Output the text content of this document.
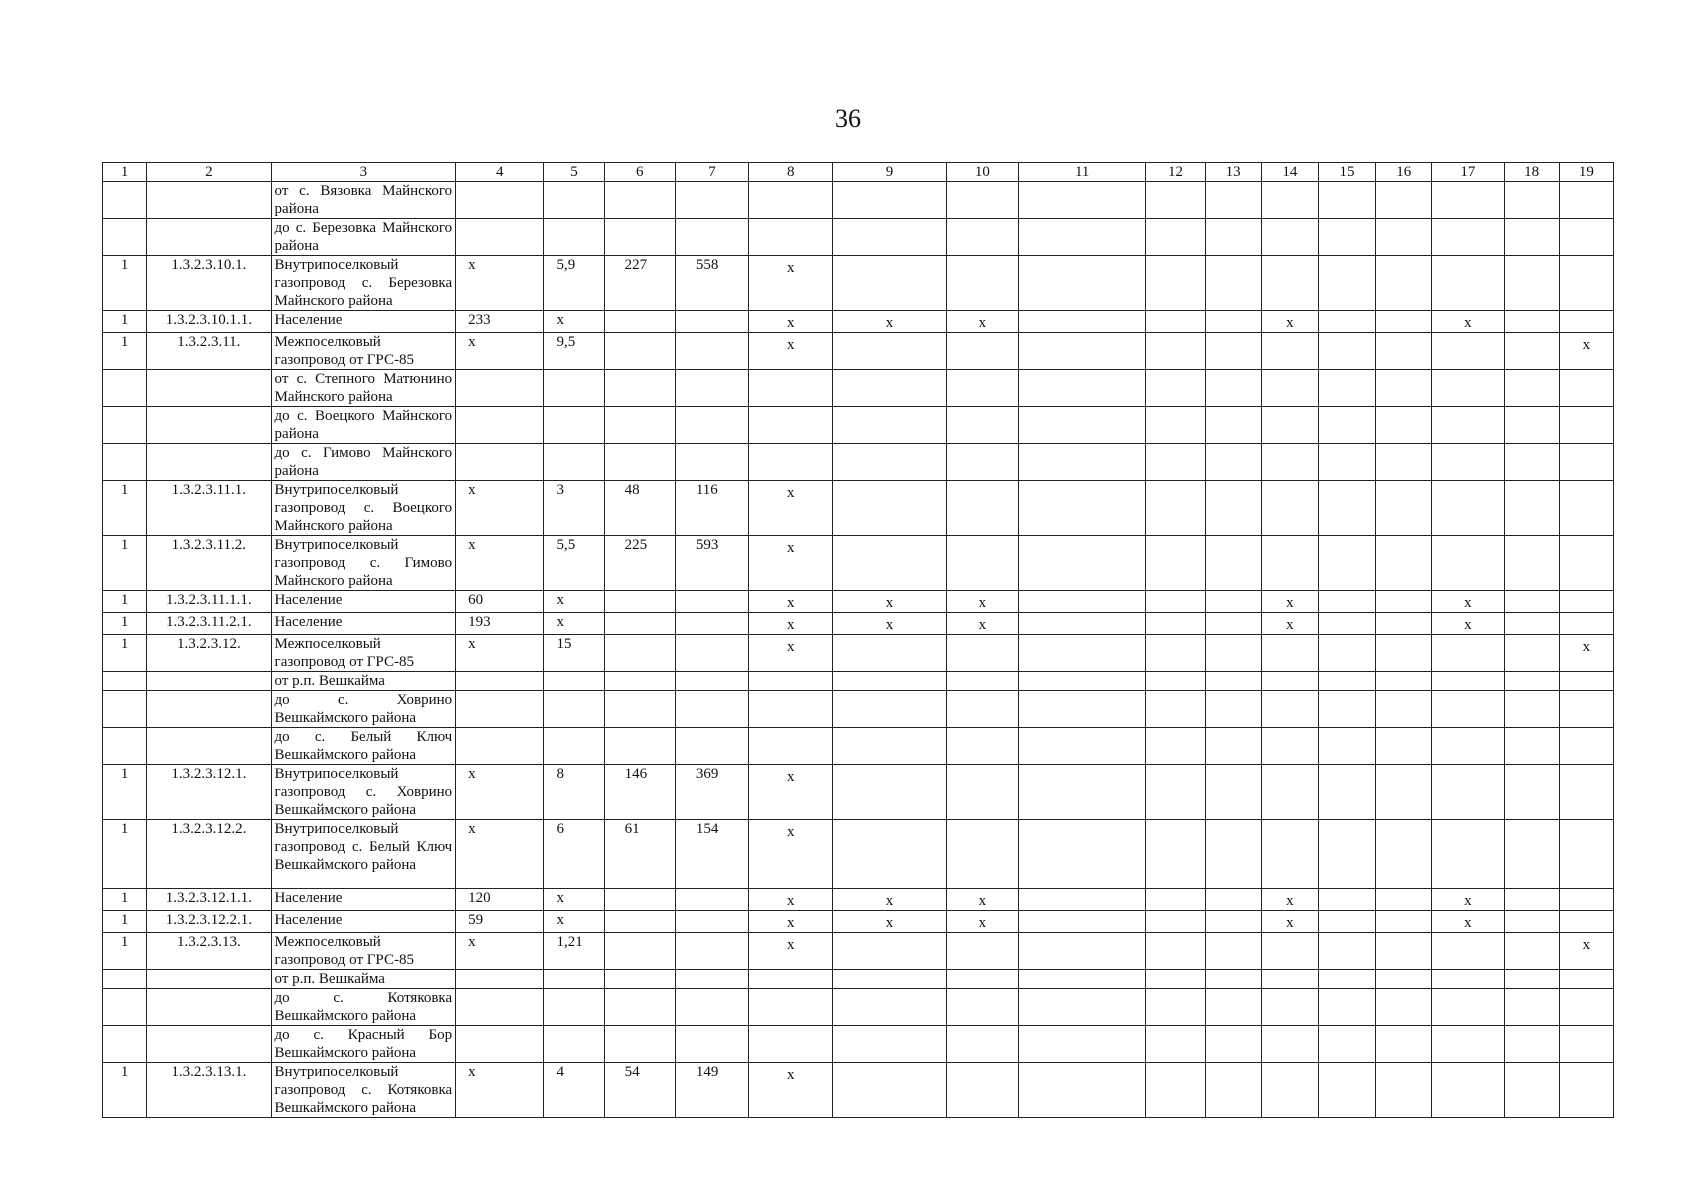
36
1	2	3	4	5	6	7	8	9	10	11	12	13	14	15	16	17	18	19
		от с. Вязовка Майнского района																
		до с. Березовка Майнского района																
1	1.3.2.3.10.1.	Внутрипоселковый газопровод с. Березовка Майнского района	x	5,9	227	558	x											
1	1.3.2.3.10.1.1.	Население	233	x			x	x	x				x			x		
1	1.3.2.3.11.	Межпоселковый газопровод от ГРС-85	x	9,5			x											x
		от с. Степного Матюнино Майнского района																
		до с. Воецкого Майнского района																
		до с. Гимово Майнского района																
1	1.3.2.3.11.1.	Внутрипоселковый газопровод с. Воецкого Майнского района	x	3	48	116	x											
1	1.3.2.3.11.2.	Внутрипоселковый газопровод с. Гимово Майнского района	x	5,5	225	593	x											
1	1.3.2.3.11.1.1.	Население	60	x			x	x	x				x			x		
1	1.3.2.3.11.2.1.	Население	193	x			x	x	x				x			x		
1	1.3.2.3.12.	Межпоселковый газопровод от ГРС-85	x	15			x											x
		от р.п. Вешкайма																
		до с. Ховрино Вешкаймского района																
		до с. Белый Ключ Вешкаймского района																
1	1.3.2.3.12.1.	Внутрипоселковый газопровод с. Ховрино Вешкаймского района	x	8	146	369	x											
1	1.3.2.3.12.2.	Внутрипоселковый газопровод с. Белый Ключ Вешкаймского района	x	6	61	154	x											
1	1.3.2.3.12.1.1.	Население	120	x			x	x	x				x			x		
1	1.3.2.3.12.2.1.	Население	59	x			x	x	x				x			x		
1	1.3.2.3.13.	Межпоселковый газопровод от ГРС-85	x	1,21			x											x
		от р.п. Вешкайма																
		до с. Котяковка Вешкаймского района																
		до с. Красный Бор Вешкаймского района																
1	1.3.2.3.13.1.	Внутрипоселковый газопровод с. Котяковка Вешкаймского района	x	4	54	149	x											
